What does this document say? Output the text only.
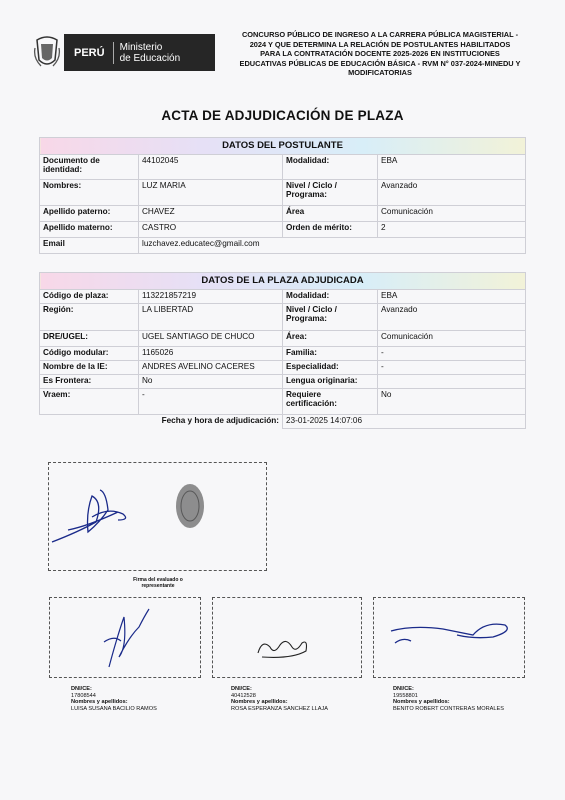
PERÚ	Ministerio
de Educación
CONCURSO PÚBLICO DE INGRESO A LA CARRERA PÚBLICA MAGISTERIAL -
2024 Y QUE DETERMINA LA RELACIÓN DE POSTULANTES HABILITADOS
PARA LA CONTRATACIÓN DOCENTE 2025-2026 EN INSTITUCIONES
EDUCATIVAS PÚBLICAS DE EDUCACIÓN BÁSICA - RVM N° 037-2024-MINEDU Y
MODIFICATORIAS
ACTA DE ADJUDICACIÓN DE PLAZA
DATOS DEL POSTULANTE			
Documento de identidad:	44102045	Modalidad:	EBA
Nombres:	LUZ MARIA	Nivel / Ciclo / Programa:	Avanzado
Apellido paterno:	CHAVEZ	Área	Comunicación
Apellido materno:	CASTRO	Orden de mérito:	2
Email	luzchavez.educatec@gmail.com		
DATOS DE LA PLAZA ADJUDICADA			
Código de plaza:	113221857219	Modalidad:	EBA
Región:	LA LIBERTAD	Nivel / Ciclo / Programa:	Avanzado
DRE/UGEL:	UGEL SANTIAGO DE CHUCO	Área:	Comunicación
Código modular:	1165026	Familia:	-
Nombre de la IE:	ANDRES AVELINO CACERES	Especialidad:	-
Es Frontera:	No	Lengua originaria:	
Vraem:	-	Requiere certificación:	No
Fecha y hora de adjudicación:		23-01-2025 14:07:06	
Firma del evaluado o representante
DNI/CE:
17808544
Nombres y apellidos:
LUISA SUSANA BACILIO RAMOS
DNI/CE:
40412528
Nombres y apellidos:
ROSA ESPERANZA SANCHEZ LLAJA
DNI/CE:
19558801
Nombres y apellidos:
BENITO ROBERT CONTRERAS MORALES
